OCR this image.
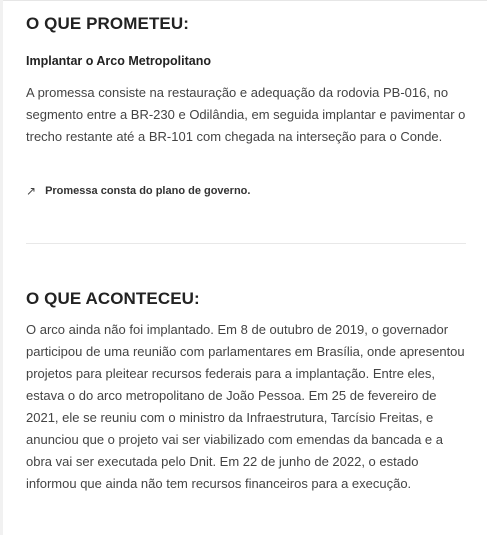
O QUE PROMETEU:
Implantar o Arco Metropolitano

A promessa consiste na restauração e adequação da rodovia PB-016, no segmento entre a BR-230 e Odilândia, em seguida implantar e pavimentar o trecho restante até a BR-101 com chegada na interseção para o Conde.

↗ Promessa consta do plano de governo.
O QUE ACONTECEU:

O arco ainda não foi implantado. Em 8 de outubro de 2019, o governador participou de uma reunião com parlamentares em Brasília, onde apresentou projetos para pleitear recursos federais para a implantação. Entre eles, estava o do arco metropolitano de João Pessoa. Em 25 de fevereiro de 2021, ele se reuniu com o ministro da Infraestrutura, Tarcísio Freitas, e anunciou que o projeto vai ser viabilizado com emendas da bancada e a obra vai ser executada pelo Dnit. Em 22 de junho de 2022, o estado informou que ainda não tem recursos financeiros para a execução.
